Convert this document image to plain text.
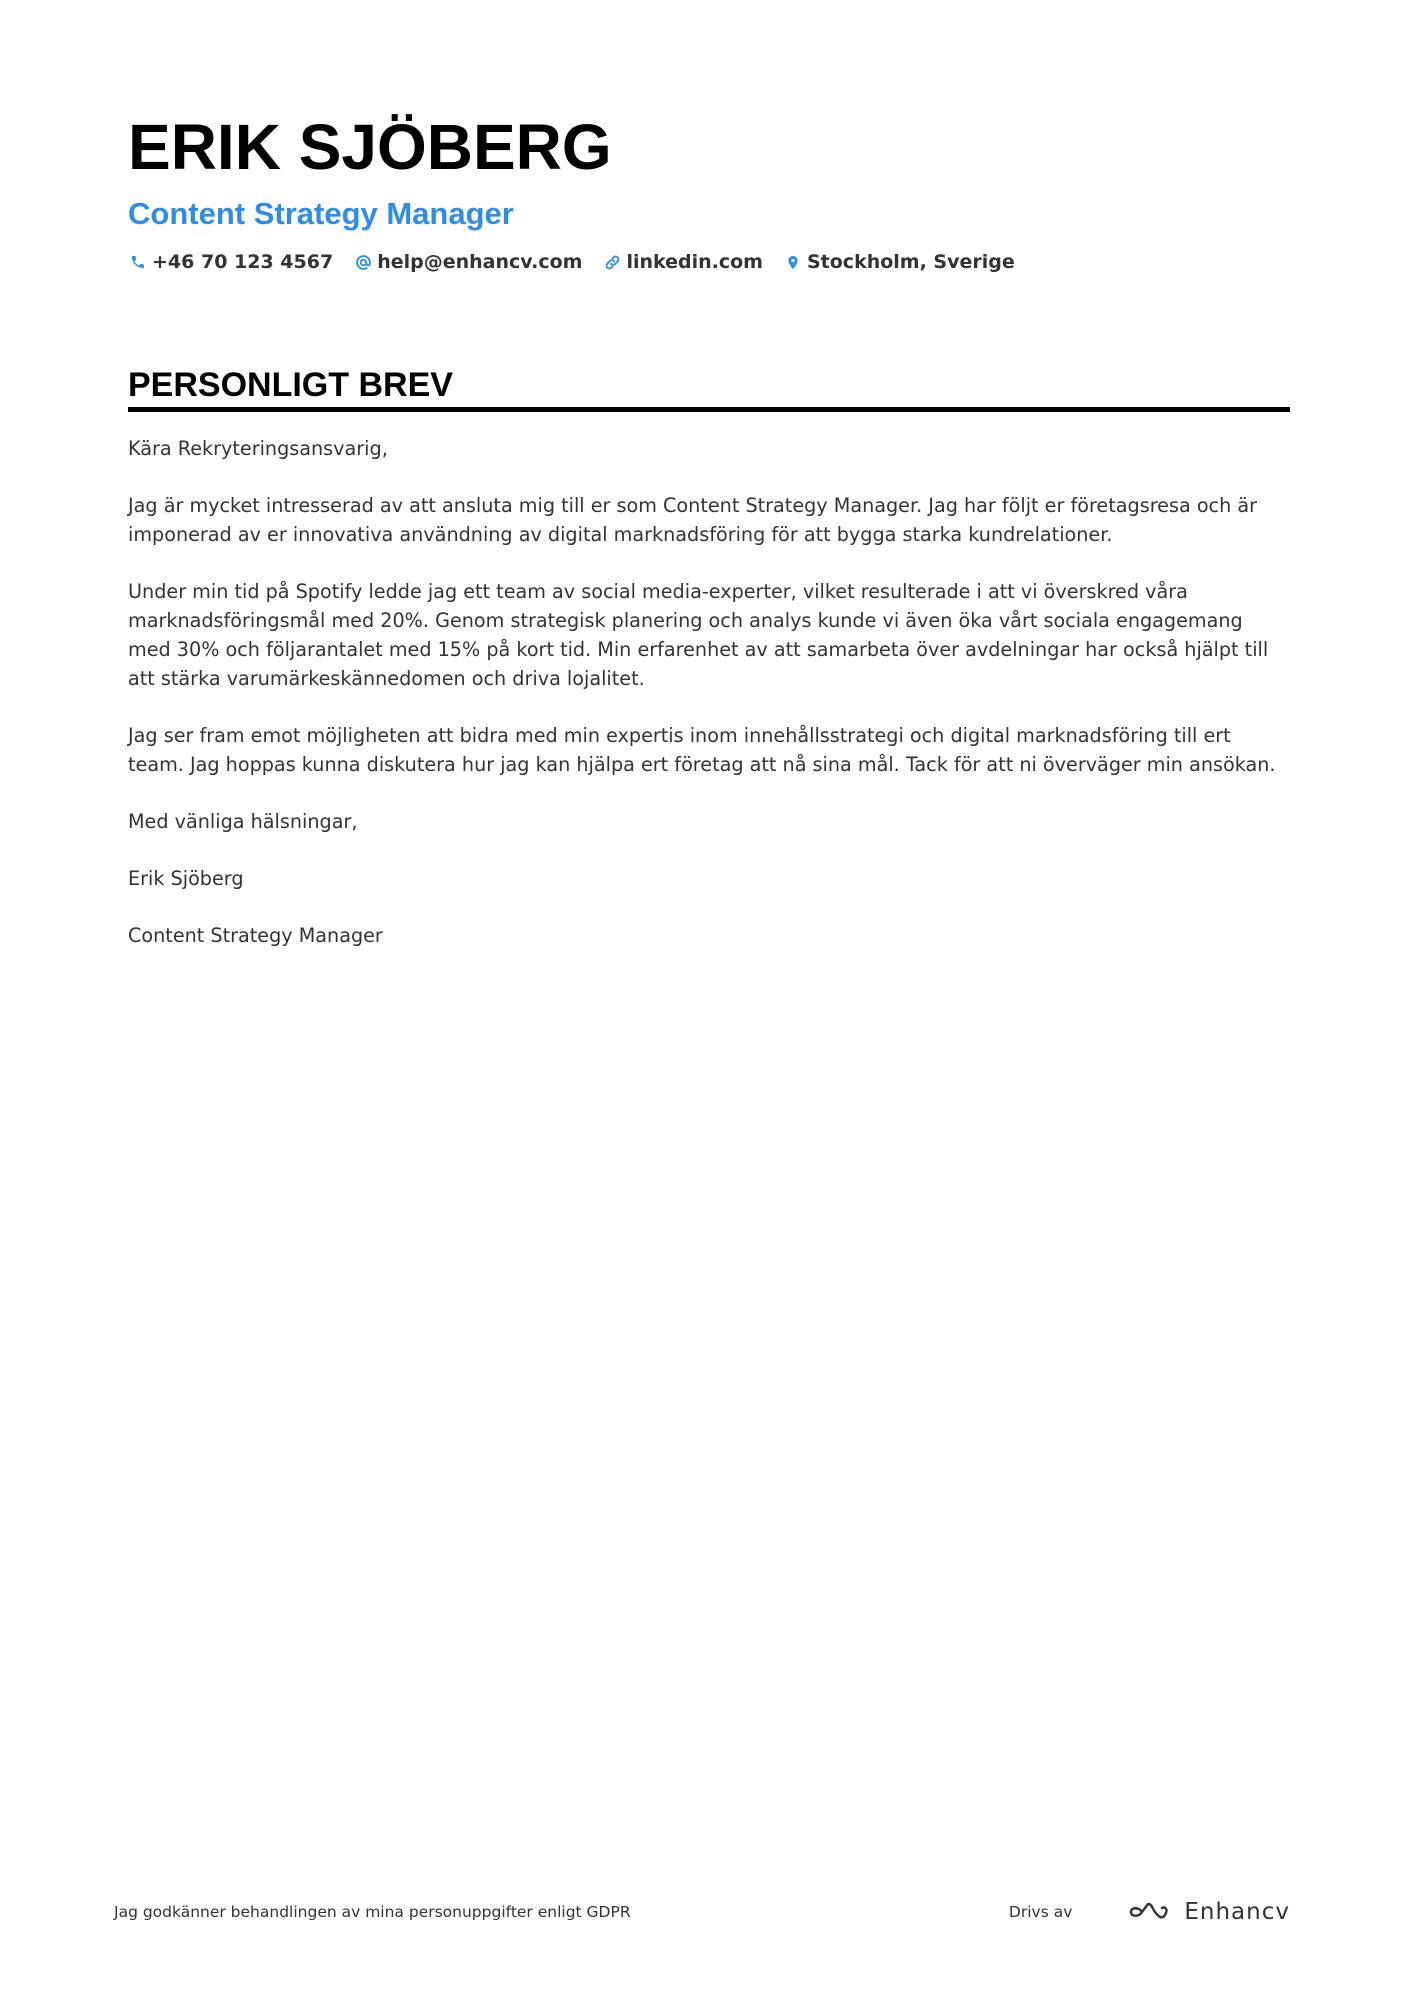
ERIK SJÖBERG
Content Strategy Manager
+46 70 123 4567 help@enhancv.com linkedin.com Stockholm, Sverige
PERSONLIGT BREV

Kära Rekryteringsansvarig,

Jag är mycket intresserad av att ansluta mig till er som Content Strategy Manager. Jag har följt er företagsresa och är imponerad av er innovativa användning av digital marknadsföring för att bygga starka kundrelationer.

Under min tid på Spotify ledde jag ett team av social media-experter, vilket resulterade i att vi överskred våra marknadsföringsmål med 20%. Genom strategisk planering och analys kunde vi även öka vårt sociala engagemang med 30% och följarantalet med 15% på kort tid. Min erfarenhet av att samarbeta över avdelningar har också hjälpt till att stärka varumärkeskännedomen och driva lojalitet.

Jag ser fram emot möjligheten att bidra med min expertis inom innehållsstrategi och digital marknadsföring till ert team. Jag hoppas kunna diskutera hur jag kan hjälpa ert företag att nå sina mål. Tack för att ni överväger min ansökan.

Med vänliga hälsningar,

Erik Sjöberg

Content Strategy Manager

Jag godkänner behandlingen av mina personuppgifter enligt GDPR	Drivs av	Enhancv
